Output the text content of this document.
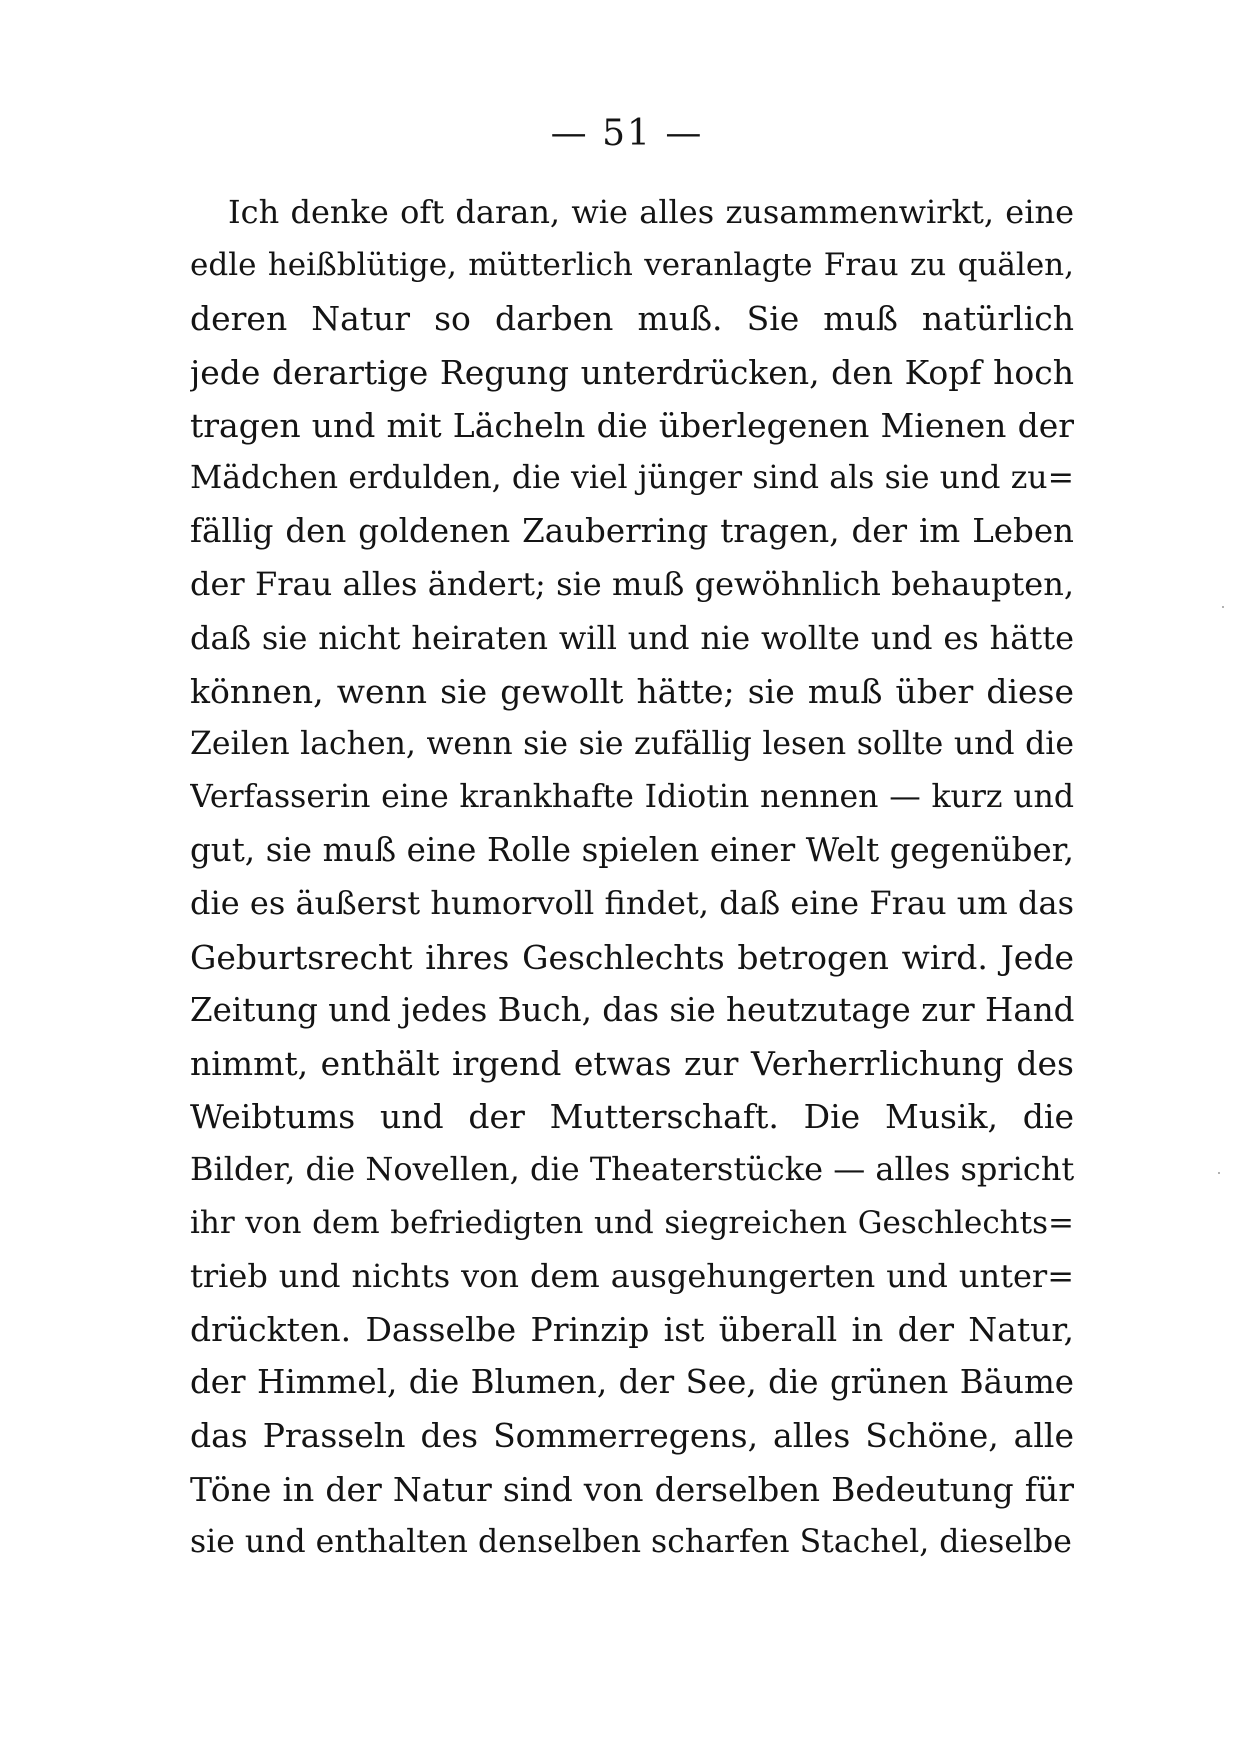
— 51 —
Ich denke oft daran, wie alles zusammenwirkt, eine
edle heißblütige, mütterlich veranlagte Frau zu quälen,
deren Natur so darben muß. Sie muß natürlich
jede derartige Regung unterdrücken, den Kopf hoch
tragen und mit Lächeln die überlegenen Mienen der
Mädchen erdulden, die viel jünger sind als sie und zu=
fällig den goldenen Zauberring tragen, der im Leben
der Frau alles ändert; sie muß gewöhnlich behaupten,
daß sie nicht heiraten will und nie wollte und es hätte
können, wenn sie gewollt hätte; sie muß über diese
Zeilen lachen, wenn sie sie zufällig lesen sollte und die
Verfasserin eine krankhafte Idiotin nennen — kurz und
gut, sie muß eine Rolle spielen einer Welt gegenüber,
die es äußerst humorvoll findet, daß eine Frau um das
Geburtsrecht ihres Geschlechts betrogen wird. Jede
Zeitung und jedes Buch, das sie heutzutage zur Hand
nimmt, enthält irgend etwas zur Verherrlichung des
Weibtums und der Mutterschaft. Die Musik, die
Bilder, die Novellen, die Theaterstücke — alles spricht
ihr von dem befriedigten und siegreichen Geschlechts=
trieb und nichts von dem ausgehungerten und unter=
drückten. Dasselbe Prinzip ist überall in der Natur,
der Himmel, die Blumen, der See, die grünen Bäume
das Prasseln des Sommerregens, alles Schöne, alle
Töne in der Natur sind von derselben Bedeutung für
sie und enthalten denselben scharfen Stachel, dieselbe
